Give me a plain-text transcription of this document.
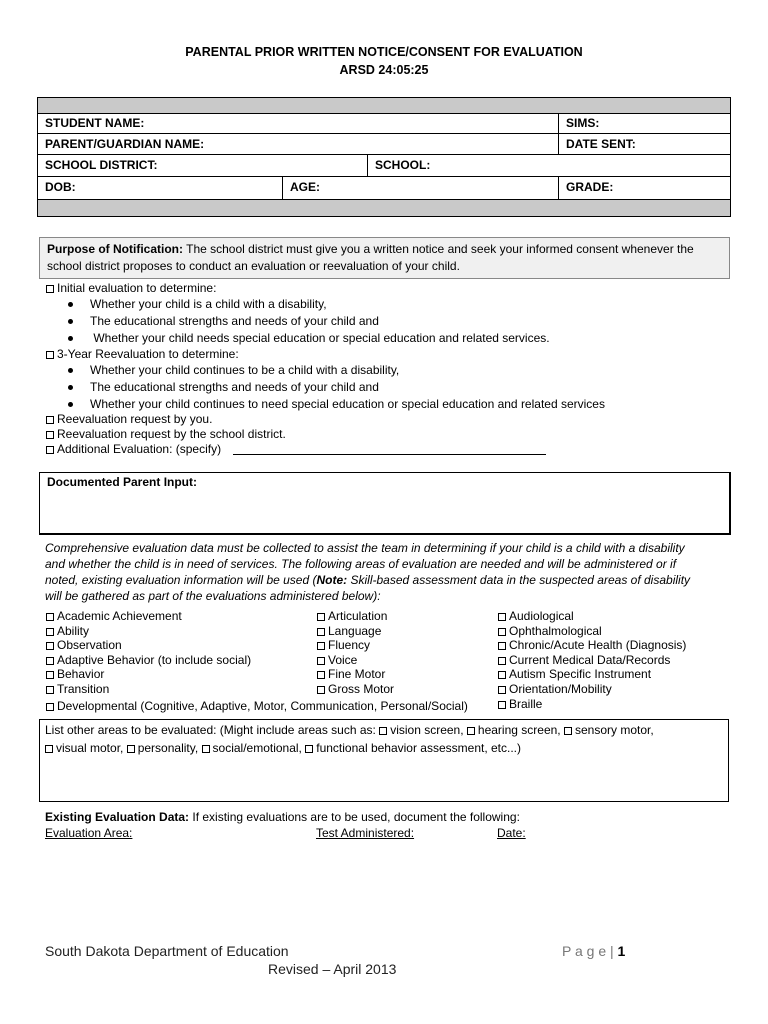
PARENTAL PRIOR WRITTEN NOTICE/CONSENT FOR EVALUATION
ARSD 24:05:25
STUDENT NAME:	SIMS:
PARENT/GUARDIAN NAME:	DATE SENT:
SCHOOL DISTRICT:	SCHOOL:
DOB:	AGE:	GRADE:
Purpose of Notification: The school district must give you a written notice and seek your informed consent whenever the school district proposes to conduct an evaluation or reevaluation of your child.
Initial evaluation to determine:
Whether your child is a child with a disability,
The educational strengths and needs of your child and
Whether your child needs special education or special education and related services.
3-Year Reevaluation to determine:
Whether your child continues to be a child with a disability,
The educational strengths and needs of your child and
Whether your child continues to need special education or special education and related services
Reevaluation request by you.
Reevaluation request by the school district.
Additional Evaluation: (specify)
Documented Parent Input:
Comprehensive evaluation data must be collected to assist the team in determining if your child is a child with a disability
and whether the child is in need of services. The following areas of evaluation are needed and will be administered or if
noted, existing evaluation information will be used (Note: Skill-based assessment data in the suspected areas of disability
will be gathered as part of the evaluations administered below):
Academic Achievement
Ability
Observation
Adaptive Behavior (to include social)
Behavior
Transition
Articulation
Language
Fluency
Voice
Fine Motor
Gross Motor
Audiological
Ophthalmological
Chronic/Acute Health (Diagnosis)
Current Medical Data/Records
Autism Specific Instrument
Orientation/Mobility
Braille
Developmental (Cognitive, Adaptive, Motor, Communication, Personal/Social)
List other areas to be evaluated: (Might include areas such as: vision screen, hearing screen, sensory motor,
visual motor, personality, social/emotional, functional behavior assessment, etc...)
Existing Evaluation Data: If existing evaluations are to be used, document the following:
Evaluation Area:	Test Administered:	Date:
South Dakota Department of Education	P a g e | 1
Revised – April 2013
